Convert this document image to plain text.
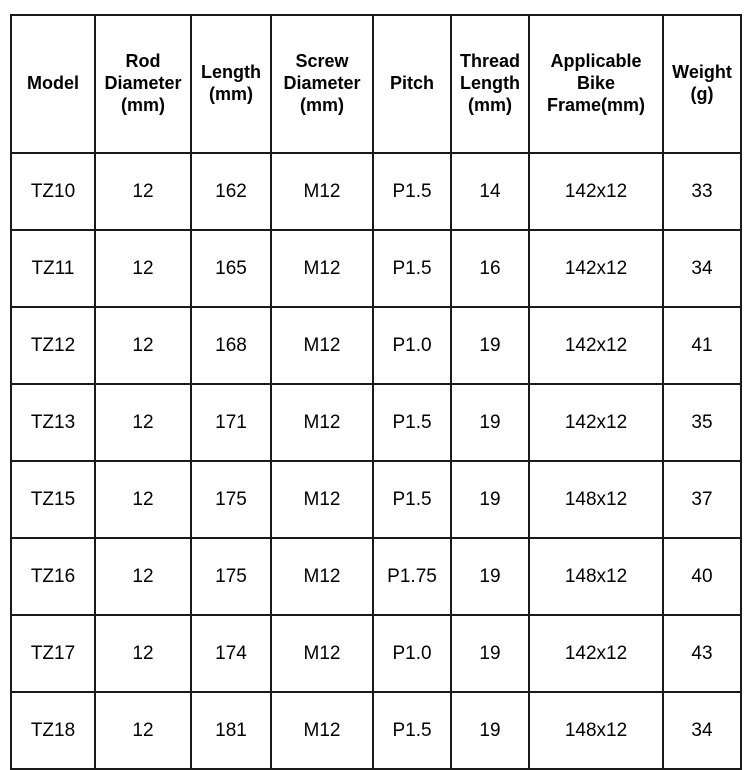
Model	Rod Diameter (mm)	Length (mm)	Screw Diameter (mm)	Pitch	Thread Length (mm)	Applicable Bike Frame(mm)	Weight (g)
TZ10	12	162	M12	P1.5	14	142x12	33
TZ11	12	165	M12	P1.5	16	142x12	34
TZ12	12	168	M12	P1.0	19	142x12	41
TZ13	12	171	M12	P1.5	19	142x12	35
TZ15	12	175	M12	P1.5	19	148x12	37
TZ16	12	175	M12	P1.75	19	148x12	40
TZ17	12	174	M12	P1.0	19	142x12	43
TZ18	12	181	M12	P1.5	19	148x12	34
